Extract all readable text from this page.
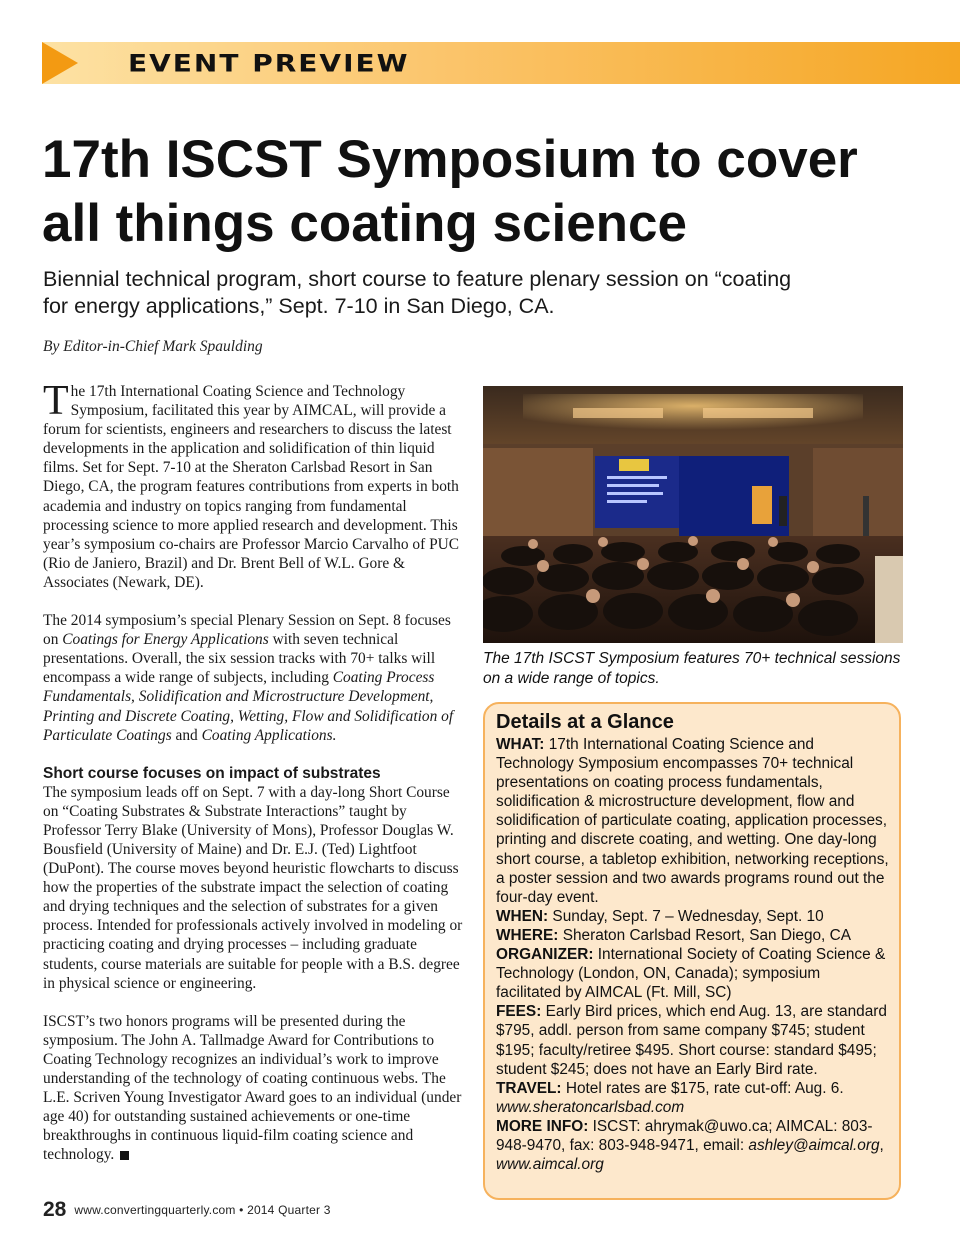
EVENT PREVIEW
17th ISCST Symposium to cover all things coating science

Biennial technical program, short course to feature plenary session on “coating for energy applications,” Sept. 7-10 in San Diego, CA.

By Editor-in-Chief Mark Spaulding

The 17th International Coating Science and Technology Symposium, facilitated this year by AIMCAL, will provide a forum for scientists, engineers and researchers to discuss the latest developments in the application and solidification of thin liquid films. Set for Sept. 7-10 at the Sheraton Carlsbad Resort in San Diego, CA, the program features contributions from experts in both academia and industry on topics ranging from fundamental processing science to more applied research and development. This year’s symposium co-chairs are Professor Marcio Carvalho of PUC (Rio de Janiero, Brazil) and Dr. Brent Bell of W.L. Gore & Associates (Newark, DE).

The 2014 symposium’s special Plenary Session on Sept. 8 focuses on Coatings for Energy Applications with seven technical presentations. Overall, the six session tracks with 70+ talks will encompass a wide range of subjects, including Coating Process Fundamentals, Solidification and Microstructure Development, Printing and Discrete Coating, Wetting, Flow and Solidification of Particulate Coatings and Coating Applications.

Short course focuses on impact of substrates

The symposium leads off on Sept. 7 with a day-long Short Course on “Coating Substrates & Substrate Interactions” taught by Professor Terry Blake (University of Mons), Professor Douglas W. Bousfield (University of Maine) and Dr. E.J. (Ted) Lightfoot (DuPont). The course moves beyond heuristic flowcharts to discuss how the properties of the substrate impact the selection of coating and drying techniques and the selection of substrates for a given process. Intended for professionals actively involved in modeling or practicing coating and drying processes – including graduate students, course materials are suitable for people with a B.S. degree in physical science or engineering.

ISCST’s two honors programs will be presented during the symposium. The John A. Tallmadge Award for Contributions to Coating Technology recognizes an individual’s work to improve understanding of the technology of coating continuous webs. The L.E. Scriven Young Investigator Award goes to an individual (under age 40) for outstanding sustained achievements or one-time breakthroughs in continuous liquid-film coating science and technology.

The 17th ISCST Symposium features 70+ technical sessions on a wide range of topics.
Details at a Glance

WHAT: 17th International Coating Science and Technology Symposium encompasses 70+ technical presentations on coating process fundamentals, solidification & microstructure development, flow and solidification of particulate coating, application processes, printing and discrete coating, and wetting. One day-long short course, a tabletop exhibition, networking receptions, a poster session and two awards programs round out the four-day event.

WHEN: Sunday, Sept. 7 – Wednesday, Sept. 10

WHERE: Sheraton Carlsbad Resort, San Diego, CA

ORGANIZER: International Society of Coating Science & Technology (London, ON, Canada); symposium facilitated by AIMCAL (Ft. Mill, SC)

FEES: Early Bird prices, which end Aug. 13, are standard $795, addl. person from same company $745; student $195; faculty/retiree $495. Short course: standard $495; student $245; does not have an Early Bird rate.

TRAVEL: Hotel rates are $175, rate cut-off: Aug. 6.
www.sheratoncarlsbad.com

MORE INFO: ISCST: ahrymak@uwo.ca; AIMCAL: 803-948-9470, fax: 803-948-9471, email: ashley@aimcal.org, www.aimcal.org

28 www.convertingquarterly.com • 2014 Quarter 3
